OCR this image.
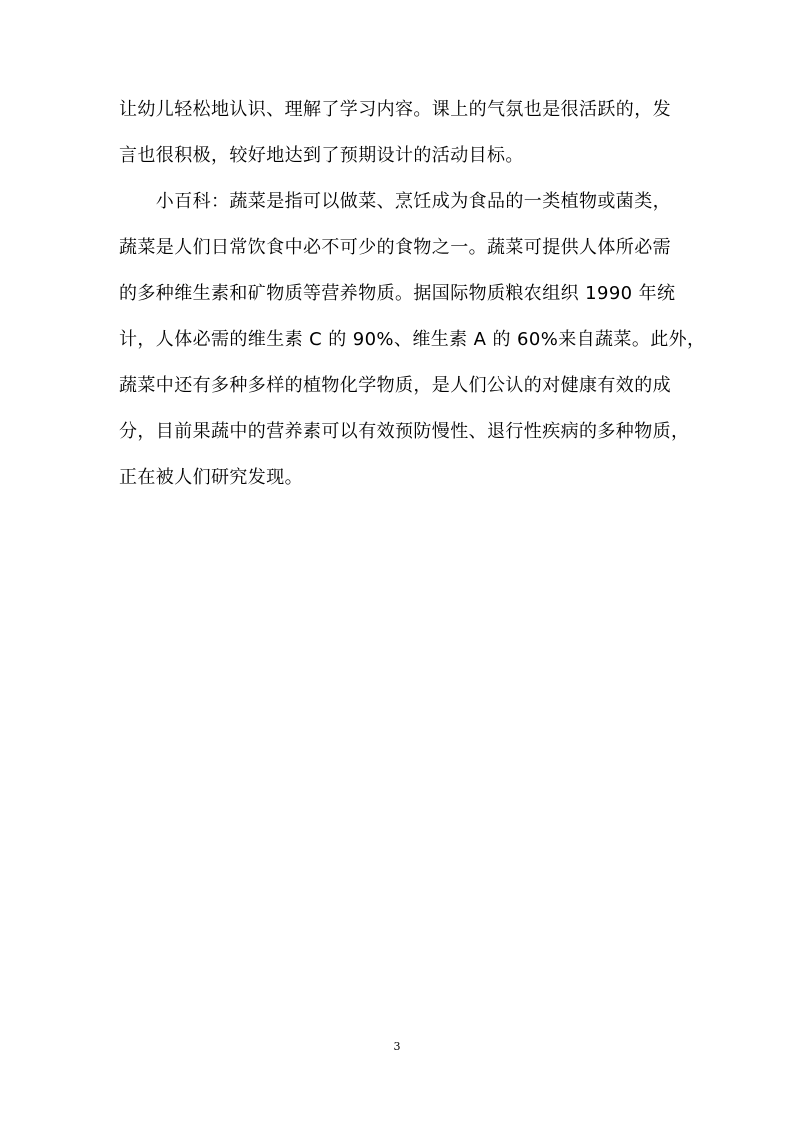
让幼儿轻松地认识、理解了学习内容。课上的气氛也是很活跃的，发
言也很积极，较好地达到了预期设计的活动目标。
　　小百科：蔬菜是指可以做菜、烹饪成为食品的一类植物或菌类，
蔬菜是人们日常饮食中必不可少的食物之一。蔬菜可提供人体所必需
的多种维生素和矿物质等营养物质。据国际物质粮农组织 1990 年统
计，人体必需的维生素 C 的 90%、维生素 A 的 60%来自蔬菜。此外，
蔬菜中还有多种多样的植物化学物质，是人们公认的对健康有效的成
分，目前果蔬中的营养素可以有效预防慢性、退行性疾病的多种物质，
正在被人们研究发现。
3
